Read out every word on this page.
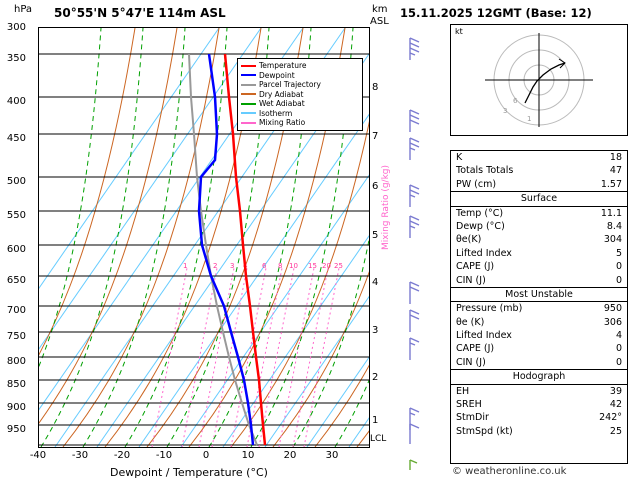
hPa 50°55'N 5°47'E 114m ASL	km
ASL
300
350
400
450
500
550
600
650
700
750
800
850
900
950
8
7
6
5
4
3
2
1
LCL
-40	-30	-20	-10	0	10	20	30
Dewpoint / Temperature (°C)
Mixing Ratio (g/kg)
1	2 3 4 6 8 10 15 20 25
Temperature
Dewpoint
Parcel Trajectory
Dry Adiabat
Wet Adiabat
Isotherm
Mixing Ratio
15.11.2025 12GMT (Base: 12)
kt
6
3
1
K	18
Totals Totals	47
PW (cm)	1.57
Surface
Temp (°C)	11.1
Dewp (°C)	8.4
θe(K)	304
Lifted Index	5
CAPE (J)	0
CIN (J)	0
Most Unstable
Pressure (mb)	950
θe (K)	306
Lifted Index	4
CAPE (J)	0
CIN (J)	0
Hodograph
EH	39
SREH	42
StmDir	242°
StmSpd (kt)	25
© weatheronline.co.uk
